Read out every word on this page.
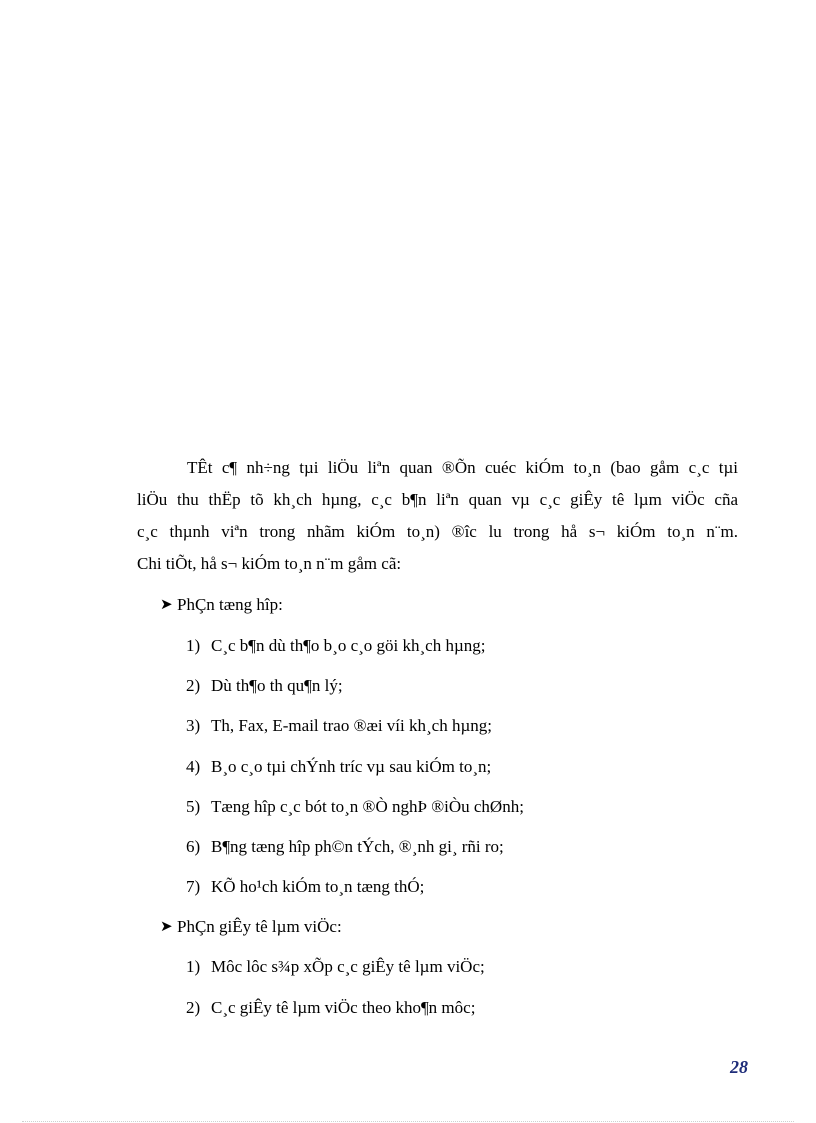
TÊt c¶ nh÷ng tµi liÖu liªn quan ®Õn cuéc kiÓm to¸n (bao gåm c¸c tµi
liÖu thu thËp tõ kh¸ch hµng, c¸c b¶n liªn quan vµ c¸c giÊy tê lµm viÖc cña
c¸c thµnh viªn trong nhãm kiÓm to¸n) ®îc lu trong hå s¬ kiÓm to¸n n¨m.
Chi tiÕt, hå s¬ kiÓm to¸n n¨m gåm cã:
➤ PhÇn tæng hîp:
1) C¸c b¶n dù th¶o b¸o c¸o göi kh¸ch hµng;
2) Dù th¶o th qu¶n lý;
3) Th, Fax, E-mail trao ®æi víi kh¸ch hµng;
4) B¸o c¸o tµi chÝnh tríc vµ sau kiÓm to¸n;
5) Tæng hîp c¸c bót to¸n ®Ò nghÞ ®iÒu chØnh;
6) B¶ng tæng hîp ph©n tÝch, ®¸nh gi¸ rñi ro;
7) KÕ ho¹ch kiÓm to¸n tæng thÓ;
➤ PhÇn giÊy tê lµm viÖc:
1) Môc lôc s¾p xÕp c¸c giÊy tê lµm viÖc;
2) C¸c giÊy tê lµm viÖc theo kho¶n môc;
28
